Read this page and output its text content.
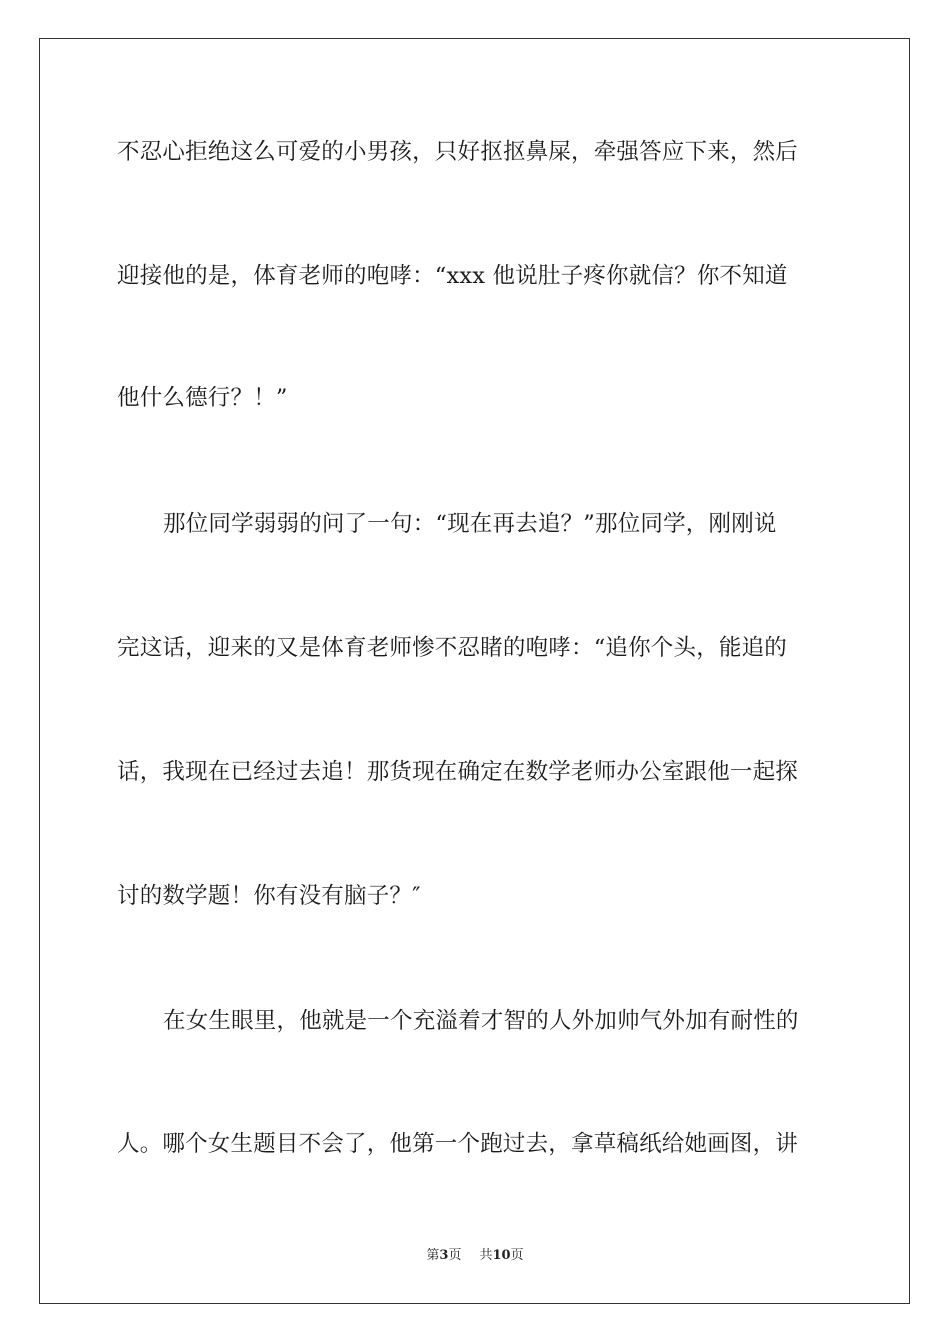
不忍心拒绝这么可爱的小男孩，只好抠抠鼻屎，牵强答应下来，然后
迎接他的是，体育老师的咆哮：“xxx 他说肚子疼你就信？你不知道
他什么德行？！”
那位同学弱弱的问了一句：“现在再去追？”那位同学，刚刚说
完这话，迎来的又是体育老师惨不忍睹的咆哮：“追你个头，能追的
话，我现在已经过去追！那货现在确定在数学老师办公室跟他一起探
讨的数学题！你有没有脑子？″
在女生眼里，他就是一个充溢着才智的人外加帅气外加有耐性的
人。哪个女生题目不会了，他第一个跑过去，拿草稿纸给她画图，讲
第3页 共10页
